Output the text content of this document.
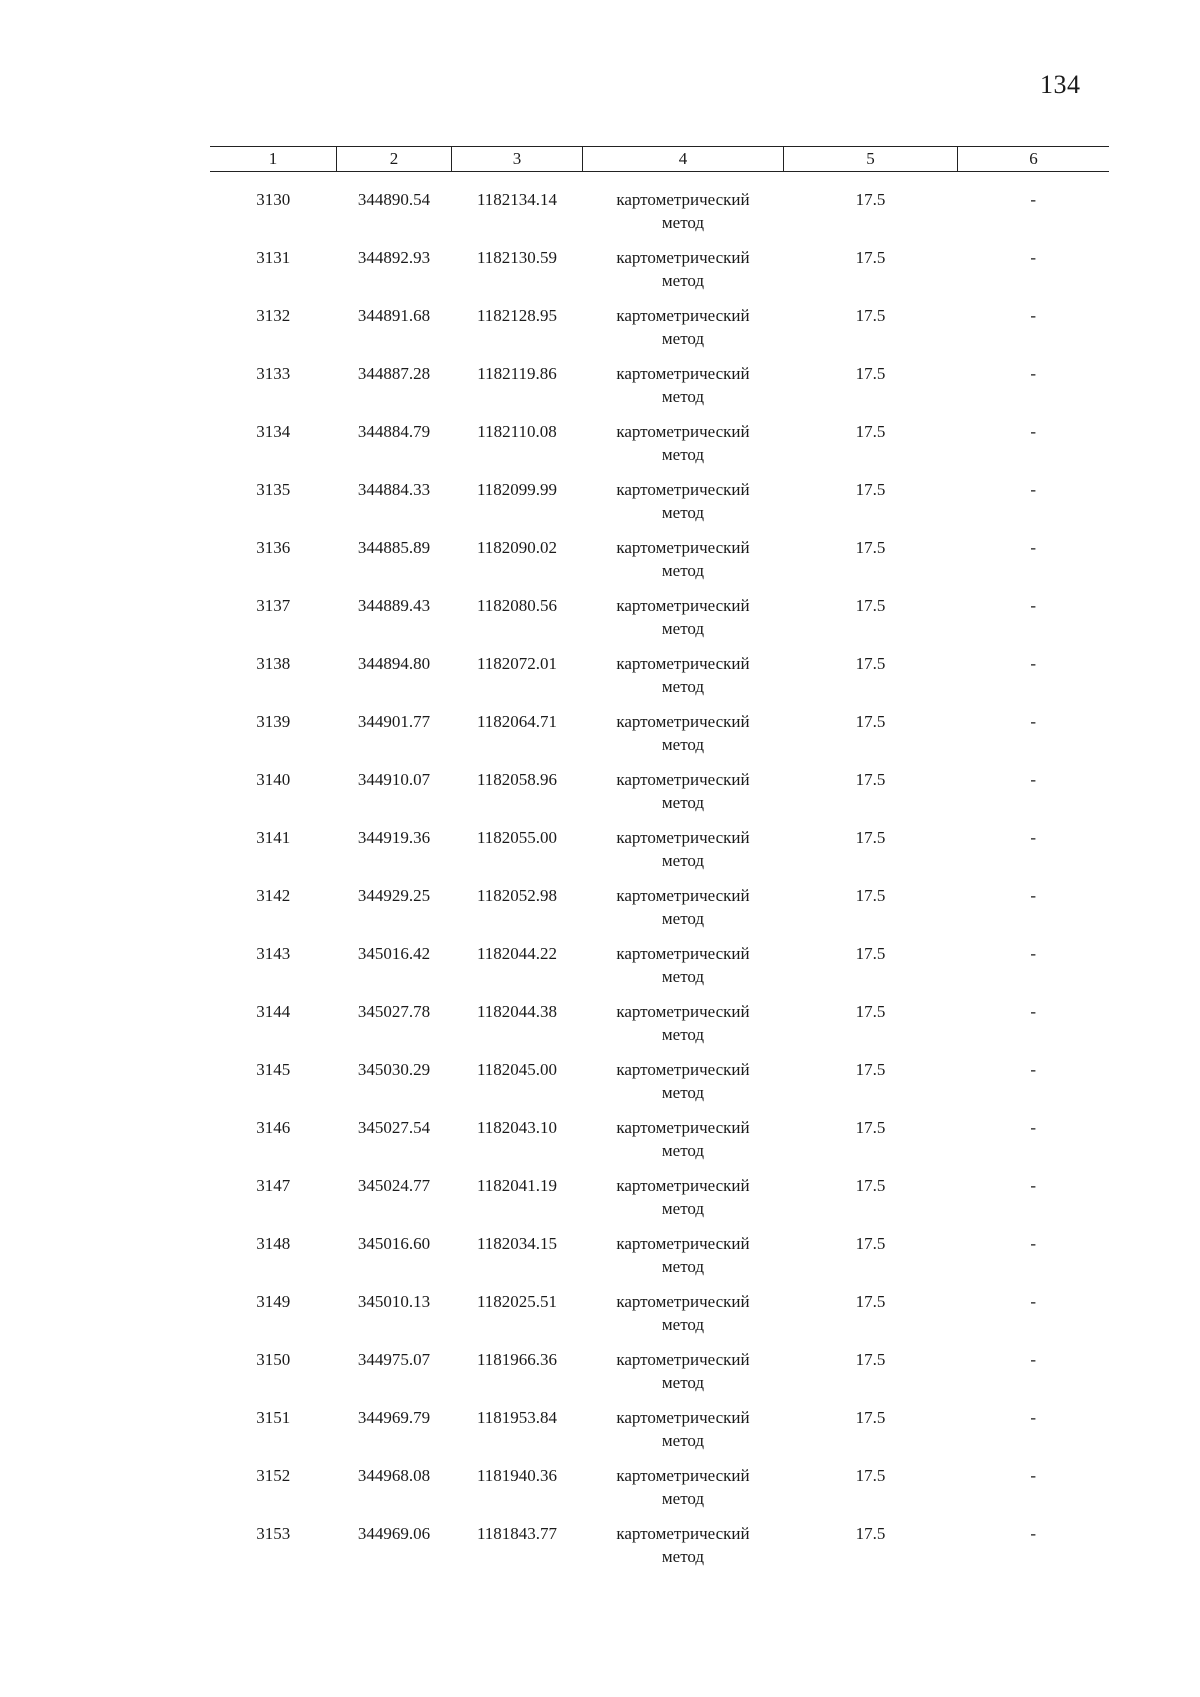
134
1	2	3	4	5	6
3130	344890.54	1182134.14	картометрический
метод	17.5	-
3131	344892.93	1182130.59	картометрический
метод	17.5	-
3132	344891.68	1182128.95	картометрический
метод	17.5	-
3133	344887.28	1182119.86	картометрический
метод	17.5	-
3134	344884.79	1182110.08	картометрический
метод	17.5	-
3135	344884.33	1182099.99	картометрический
метод	17.5	-
3136	344885.89	1182090.02	картометрический
метод	17.5	-
3137	344889.43	1182080.56	картометрический
метод	17.5	-
3138	344894.80	1182072.01	картометрический
метод	17.5	-
3139	344901.77	1182064.71	картометрический
метод	17.5	-
3140	344910.07	1182058.96	картометрический
метод	17.5	-
3141	344919.36	1182055.00	картометрический
метод	17.5	-
3142	344929.25	1182052.98	картометрический
метод	17.5	-
3143	345016.42	1182044.22	картометрический
метод	17.5	-
3144	345027.78	1182044.38	картометрический
метод	17.5	-
3145	345030.29	1182045.00	картометрический
метод	17.5	-
3146	345027.54	1182043.10	картометрический
метод	17.5	-
3147	345024.77	1182041.19	картометрический
метод	17.5	-
3148	345016.60	1182034.15	картометрический
метод	17.5	-
3149	345010.13	1182025.51	картометрический
метод	17.5	-
3150	344975.07	1181966.36	картометрический
метод	17.5	-
3151	344969.79	1181953.84	картометрический
метод	17.5	-
3152	344968.08	1181940.36	картометрический
метод	17.5	-
3153	344969.06	1181843.77	картометрический
метод	17.5	-
